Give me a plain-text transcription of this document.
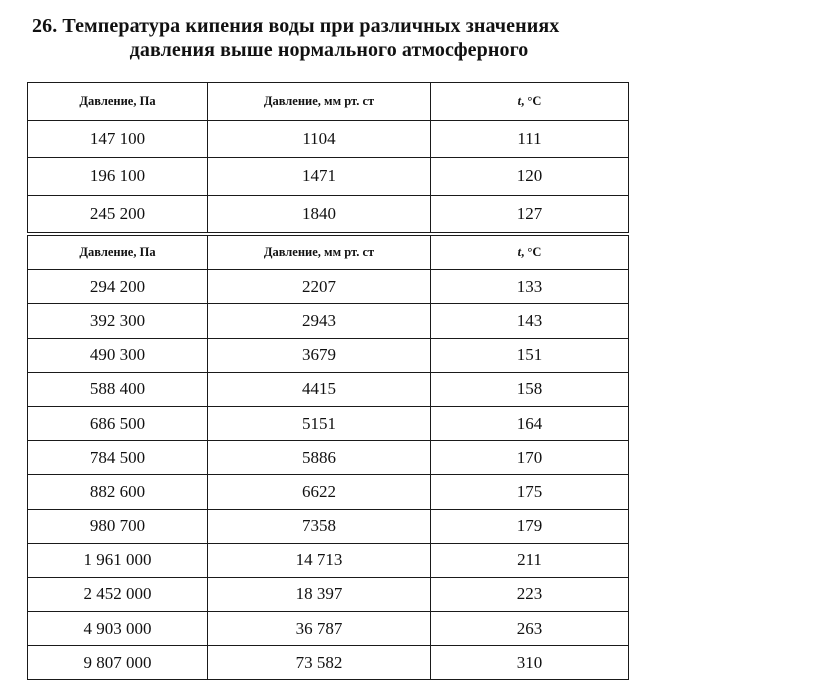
26. Температура кипения воды при различных значениях
давления выше нормального атмосферного
Давление, Па	Давление, мм рт. ст	t, °C
147 100	1104	111
196 100	1471	120
245 200	1840	127
Давление, Па	Давление, мм рт. ст	t, °C
294 200	2207	133
392 300	2943	143
490 300	3679	151
588 400	4415	158
686 500	5151	164
784 500	5886	170
882 600	6622	175
980 700	7358	179
1 961 000	14 713	211
2 452 000	18 397	223
4 903 000	36 787	263
9 807 000	73 582	310
